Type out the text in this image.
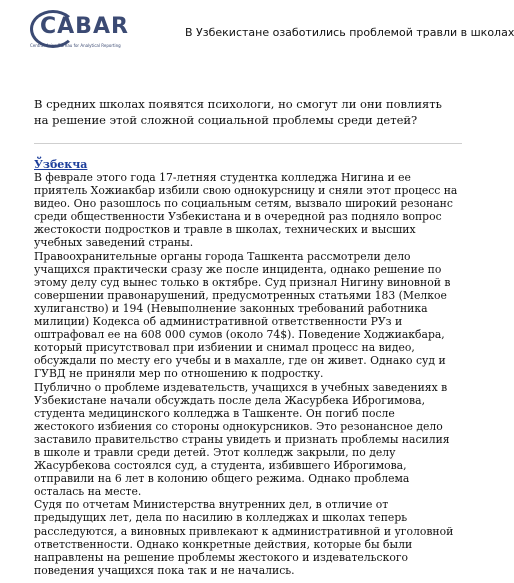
CABAR
Central Asian Bureau for Analytical Reporting
В Узбекистане озаботились проблемой травли в школах
В средних школах появятся психологи, но смогут ли они повлиять на решение этой сложной социальной проблемы среди детей?
Ўзбекча

В феврале этого года 17-летняя студентка колледжа Нигина и ее приятель Хожиакбар избили свою однокурсницу и сняли этот процесс на видео. Оно разошлось по социальным сетям, вызвало широкий резонанс среди общественности Узбекистана и в очередной раз подняло вопрос жестокости подростков и травле в школах, технических и высших учебных заведений страны.

Правоохранительные органы города Ташкента рассмотрели дело учащихся практически сразу же после инцидента, однако решение по этому делу суд вынес только в октябре. Суд признал Нигину виновной в совершении правонарушений, предусмотренных статьями 183 (Мелкое хулиганство) и 194 (Невыполнение законных требований работника милиции) Кодекса об административной ответственности РУз и оштрафовал ее на 608 000 сумов (около 74$). Поведение Ходжиакбара, который присутствовал при избиении и снимал процесс на видео, обсуждали по месту его учебы и в махалле, где он живет. Однако суд и ГУВД не приняли мер по отношению к подростку.

Публично о проблеме издевательств, учащихся в учебных заведениях в Узбекистане начали обсуждать после дела Жасурбека Иброгимова, студента медицинского колледжа в Ташкенте. Он погиб после жестокого избиения со стороны однокурсников. Это резонансное дело заставило правительство страны увидеть и признать проблемы насилия в школе и травли среди детей. Этот колледж закрыли, по делу Жасурбекова состоялся суд, а студента, избившего Иброгимова, отправили на 6 лет в колонию общего режима. Однако проблема осталась на месте.

Судя по отчетам Министерства внутренних дел, в отличие от предыдущих лет, дела по насилию в колледжах и школах теперь расследуются, а виновных привлекают к административной и уголовной ответственности. Однако конкретные действия, которые бы были направлены на решение проблемы жестокого и издевательского поведения учащихся пока так и не начались.
